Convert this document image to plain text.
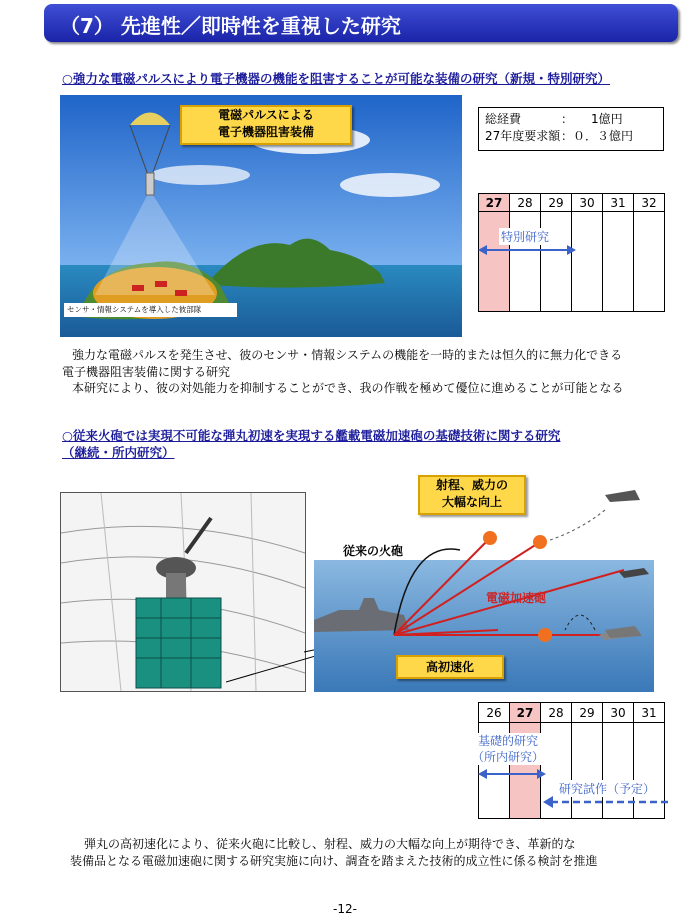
（7） 先進性／即時性を重視した研究
○強力な電磁パルスにより電子機器の機能を阻害することが可能な装備の研究（新規・特別研究）
電磁パルスによる
電子機器阻害装備
センサ・情報システムを導入した彼部隊
総経費	：　　1億円
27年度要求額 ：０．３億円
27	28	29	30	31	32

特別研究
強力な電磁パルスを発生させ、彼のセンサ・情報システムの機能を一時的または恒久的に無力化できる
電子機器阻害装備に関する研究
本研究により、彼の対処能力を抑制することができ、我の作戦を極めて優位に進めることが可能となる
○従来火砲では実現不可能な弾丸初速を実現する艦載電磁加速砲の基礎技術に関する研究
（継続・所内研究）
射程、威力の
大幅な向上
従来の火砲
電磁加速砲
高初速化
26	27	28	29	30	31

基礎的研究
（所内研究）
研究試作（予定）
弾丸の高初速化により、従来火砲に比較し、射程、威力の大幅な向上が期待でき、革新的な
装備品となる電磁加速砲に関する研究実施に向け、調査を踏まえた技術的成立性に係る検討を推進
-12-
